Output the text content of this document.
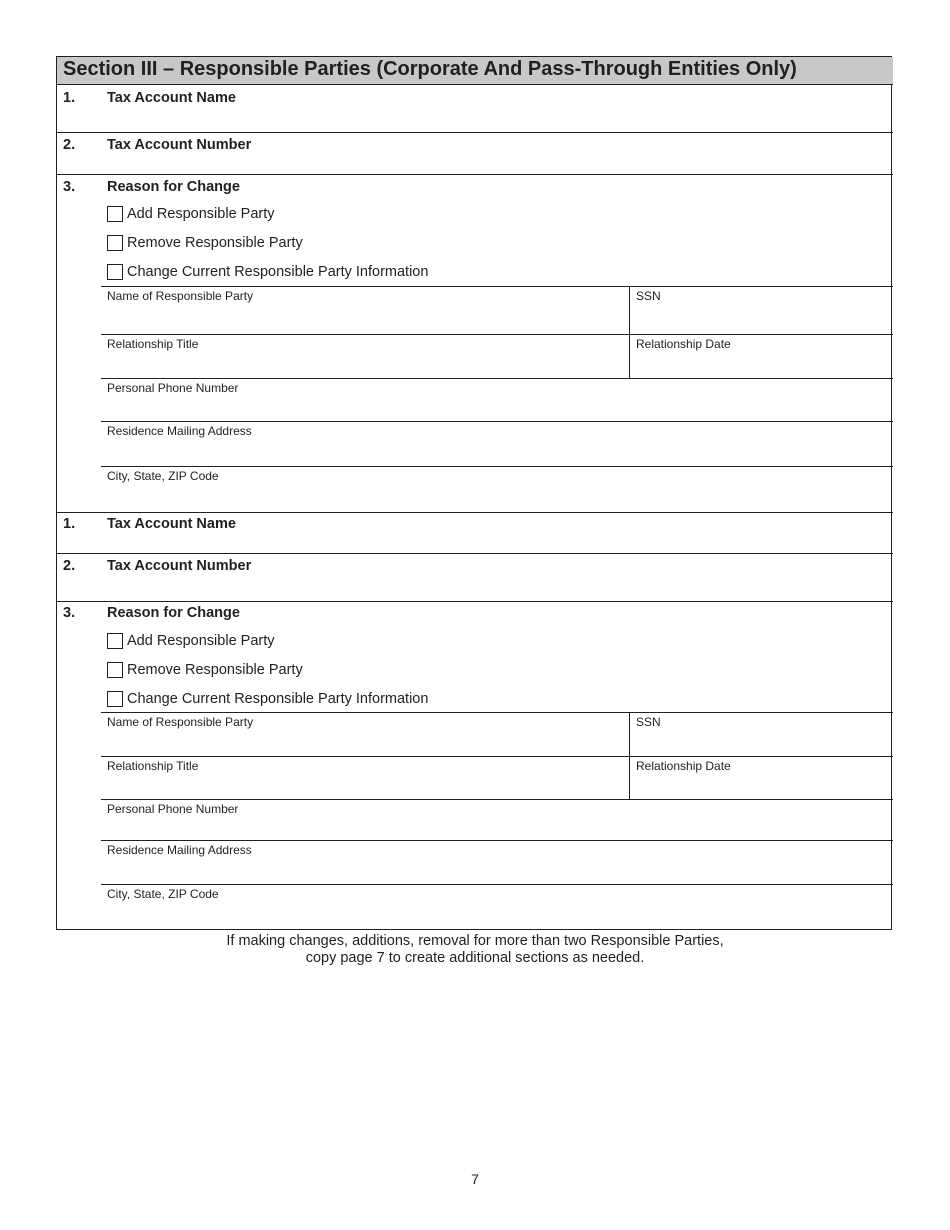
Section III – Responsible Parties (Corporate And Pass-Through Entities Only)
1. Tax Account Name
2. Tax Account Number
3. Reason for Change
Add Responsible Party
Remove Responsible Party
Change Current Responsible Party Information
Name of Responsible Party	SSN
Relationship Title	Relationship Date
Personal Phone Number
Residence Mailing Address
City, State, ZIP Code
1. Tax Account Name
2. Tax Account Number
3. Reason for Change
Add Responsible Party
Remove Responsible Party
Change Current Responsible Party Information
Name of Responsible Party	SSN
Relationship Title	Relationship Date
Personal Phone Number
Residence Mailing Address
City, State, ZIP Code
If making changes, additions, removal for more than two Responsible Parties,
copy page 7 to create additional sections as needed.
7
